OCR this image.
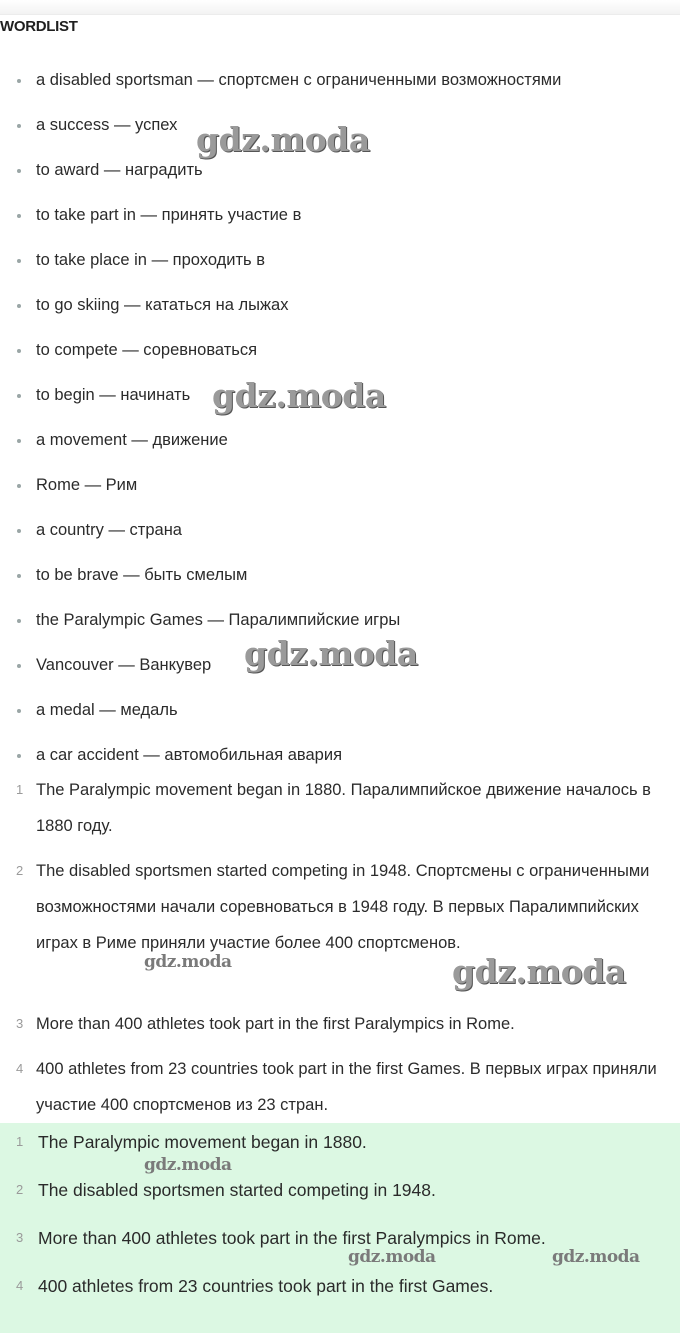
WORDLIST
a disabled sportsman — спортсмен с ограниченными возможностями
a success — успех
to award — наградить
to take part in — принять участие в
to take place in — проходить в
to go skiing — кататься на лыжах
to compete — соревноваться
to begin — начинать
a movement — движение
Rome — Рим
a country — страна
to be brave — быть смелым
the Paralympic Games — Паралимпийские игры
Vancouver — Ванкувер
a medal — медаль
a car accident — автомобильная авария
1 The Paralympic movement began in 1880. Паралимпийское движение началось в 1880 году.
2 The disabled sportsmen started competing in 1948. Спортсмены с ограниченными возможностями начали соревноваться в 1948 году. В первых Паралимпийских играх в Риме приняли участие более 400 спортсменов.
3 More than 400 athletes took part in the first Paralympics in Rome.
4 400 athletes from 23 countries took part in the first Games. В первых играх приняли участие 400 спортсменов из 23 стран.
1 The Paralympic movement began in 1880.
2 The disabled sportsmen started competing in 1948.
3 More than 400 athletes took part in the first Paralympics in Rome.
4 400 athletes from 23 countries took part in the first Games.
gdz.moda
gdz.moda
gdz.moda
gdz.moda
gdz.moda
gdz.moda
gdz.moda	gdz.moda
